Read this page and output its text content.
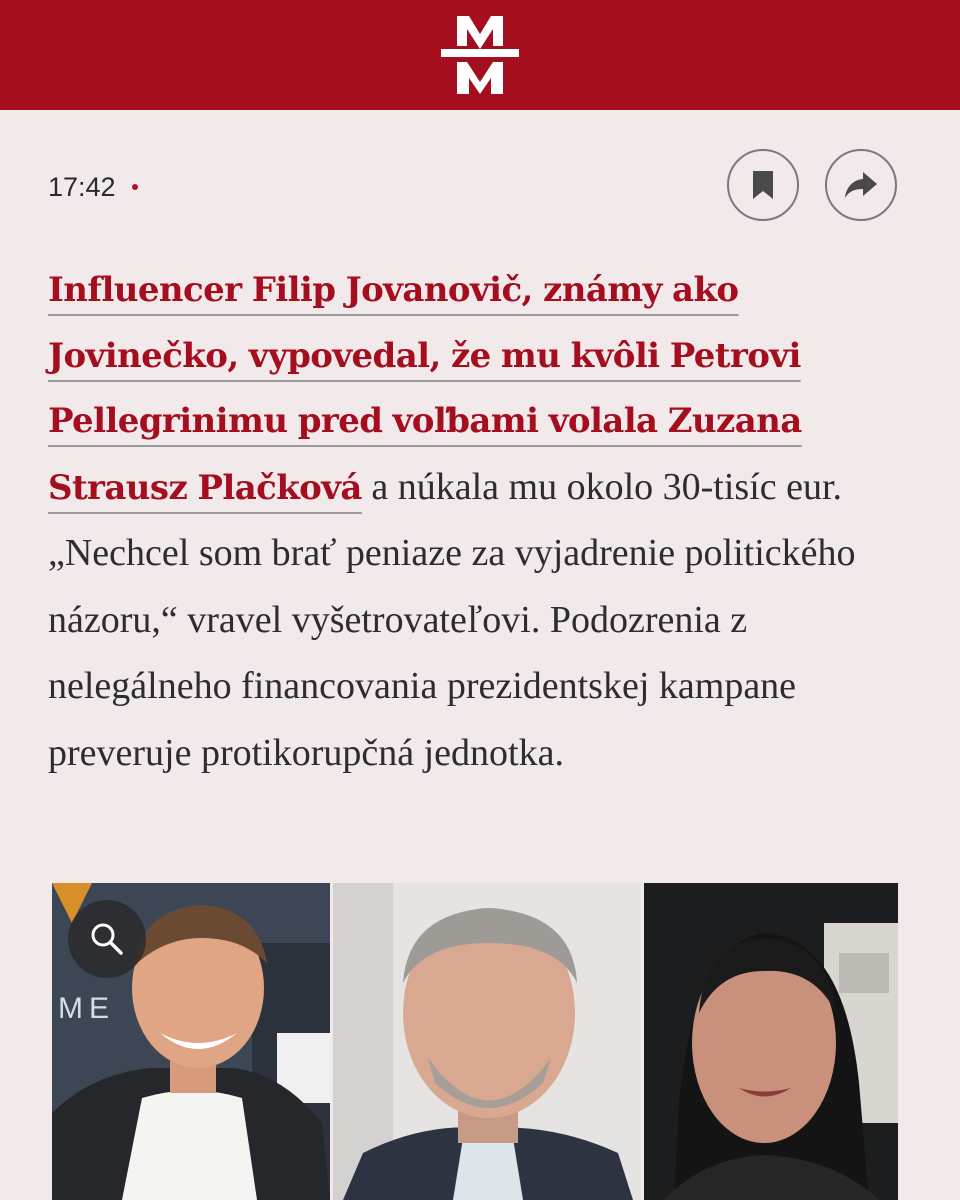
17:42
Influencer Filip Jovanovič, známy ako Jovinečko, vypovedal, že mu kvôli Petrovi Pellegrinimu pred voľbami volala Zuzana Strausz Plačková a núkala mu okolo 30-tisíc eur. „Nechcel som brať peniaze za vyjadrenie politického názoru,“ vravel vyšetrovateľovi. Podozrenia z nelegálneho financovania prezidentskej kampane preveruje protikorupčná jednotka.
ME
